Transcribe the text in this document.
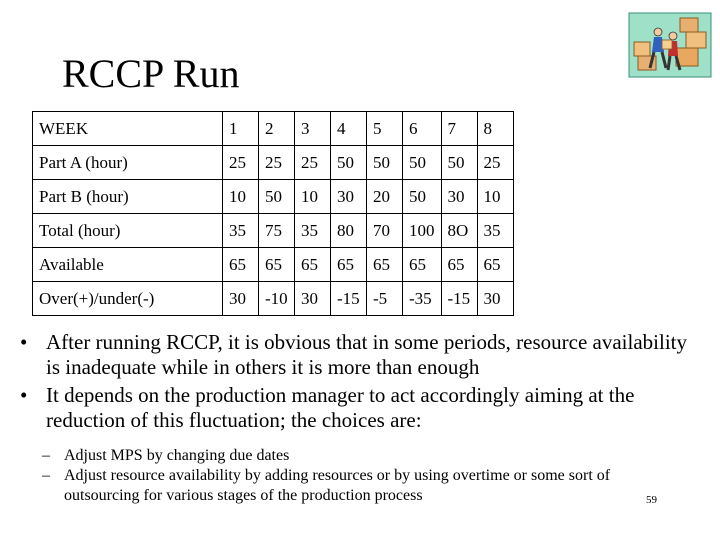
RCCP Run
WEEK	1	2	3	4	5	6	7	8
Part A (hour)	25	25	25	50	50	50	50	25
Part B (hour)	10	50	10	30	20	50	30	10
Total (hour)	35	75	35	80	70	100	8O	35
Available	65	65	65	65	65	65	65	65
Over(+)/under(-)	30	-10	30	-15	-5	-35	-15	30
• After running RCCP, it is obvious that in some periods, resource availability is inadequate while in others it is more than enough
• It depends on the production manager to act accordingly aiming at the reduction of this fluctuation; the choices are:
– Adjust MPS by changing due dates
– Adjust resource availability by adding resources or by using overtime or some sort of outsourcing for various stages of the production process	59
